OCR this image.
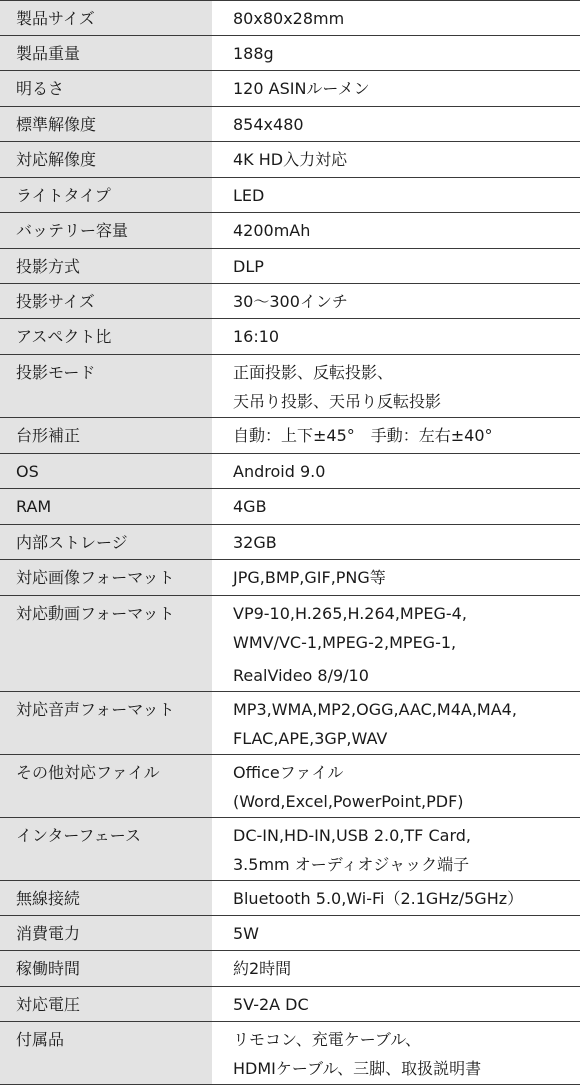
製品サイズ	80x80x28mm

製品重量	188g

明るさ	120 ASINルーメン

標準解像度	854x480

対応解像度	4K HD入力対応

ライトタイプ	LED

バッテリー容量	4200mAh

投影方式	DLP

投影サイズ	30～300インチ

アスペクト比	16:10

投影モード	正面投影、反転投影、
天吊り投影、天吊り反転投影

台形補正	自動：上下±45°　手動：左右±40°

OS	Android 9.0

RAM	4GB

内部ストレージ	32GB

対応画像フォーマット	JPG,BMP,GIF,PNG等

対応動画フォーマット	VP9-10,H.265,H.264,MPEG-4,
WMV/VC-1,MPEG-2,MPEG-1,
RealVideo 8/9/10

対応音声フォーマット	MP3,WMA,MP2,OGG,AAC,M4A,MA4,
FLAC,APE,3GP,WAV

その他対応ファイル	Officeファイル
(Word,Excel,PowerPoint,PDF)

インターフェース	DC-IN,HD-IN,USB 2.0,TF Card,
3.5mm オーディオジャック端子

無線接続	Bluetooth 5.0,Wi-Fi（2.1GHz/5GHz）

消費電力	5W

稼働時間	約2時間

対応電圧	5V-2A DC

付属品	リモコン、充電ケーブル、
HDMIケーブル、三脚、取扱説明書
